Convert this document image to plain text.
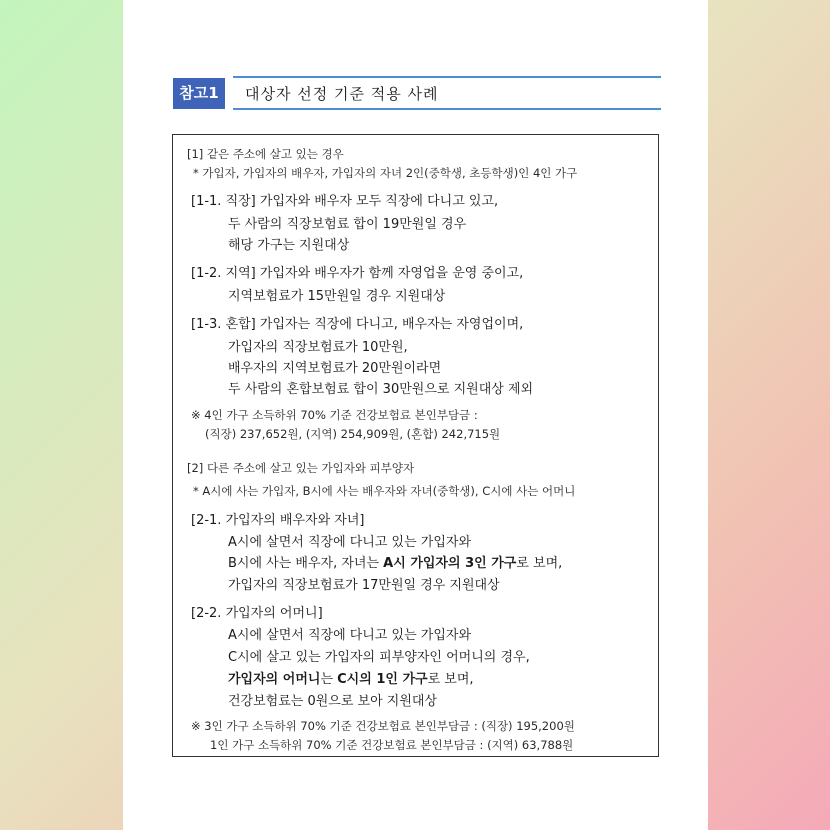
참고1	대상자 선정 기준 적용 사례
[1] 같은 주소에 살고 있는 경우
* 가입자, 가입자의 배우자, 가입자의 자녀 2인(중학생, 초등학생)인 4인 가구
[1-1. 직장] 가입자와 배우자 모두 직장에 다니고 있고,
두 사람의 직장보험료 합이 19만원일 경우
해당 가구는 지원대상
[1-2. 지역] 가입자와 배우자가 함께 자영업을 운영 중이고,
지역보험료가 15만원일 경우 지원대상
[1-3. 혼합] 가입자는 직장에 다니고, 배우자는 자영업이며,
가입자의 직장보험료가 10만원,
배우자의 지역보험료가 20만원이라면
두 사람의 혼합보험료 합이 30만원으로 지원대상 제외
※ 4인 가구 소득하위 70% 기준 건강보험료 본인부담금 :
(직장) 237,652원, (지역) 254,909원, (혼합) 242,715원
[2] 다른 주소에 살고 있는 가입자와 피부양자
* A시에 사는 가입자, B시에 사는 배우자와 자녀(중학생), C시에 사는 어머니
[2-1. 가입자의 배우자와 자녀]
A시에 살면서 직장에 다니고 있는 가입자와
B시에 사는 배우자, 자녀는 A시 가입자의 3인 가구로 보며,
가입자의 직장보험료가 17만원일 경우 지원대상
[2-2. 가입자의 어머니]
A시에 살면서 직장에 다니고 있는 가입자와
C시에 살고 있는 가입자의 피부양자인 어머니의 경우,
가입자의 어머니는 C시의 1인 가구로 보며,
건강보험료는 0원으로 보아 지원대상
※ 3인 가구 소득하위 70% 기준 건강보험료 본인부담금 : (직장) 195,200원
1인 가구 소득하위 70% 기준 건강보험료 본인부담금 : (지역) 63,788원
